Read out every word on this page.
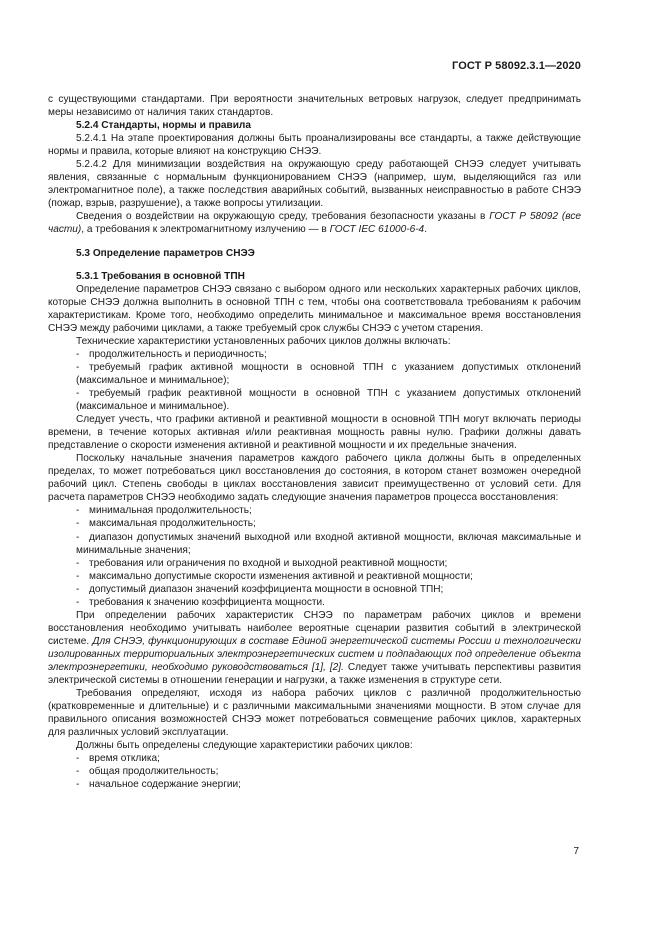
ГОСТ Р 58092.3.1—2020

с существующими стандартами. При вероятности значительных ветровых нагрузок, следует предпринимать меры независимо от наличия таких стандартов.

5.2.4 Стандарты, нормы и правила

5.2.4.1 На этапе проектирования должны быть проанализированы все стандарты, а также действующие нормы и правила, которые влияют на конструкцию СНЭЭ.

5.2.4.2 Для минимизации воздействия на окружающую среду работающей СНЭЭ следует учитывать явления, связанные с нормальным функционированием СНЭЭ (например, шум, выделяющийся газ или электромагнитное поле), а также последствия аварийных событий, вызванных неисправностью в работе СНЭЭ (пожар, взрыв, разрушение), а также вопросы утилизации.

Сведения о воздействии на окружающую среду, требования безопасности указаны в ГОСТ Р 58092 (все части), а требования к электромагнитному излучению — в ГОСТ IEC 61000-6-4.

5.3 Определение параметров СНЭЭ

5.3.1 Требования в основной ТПН

Определение параметров СНЭЭ связано с выбором одного или нескольких характерных рабочих циклов, которые СНЭЭ должна выполнить в основной ТПН с тем, чтобы она соответствовала требованиям к рабочим характеристикам. Кроме того, необходимо определить минимальное и максимальное время восстановления СНЭЭ между рабочими циклами, а также требуемый срок службы СНЭЭ с учетом старения.

Технические характеристики установленных рабочих циклов должны включать:

- продолжительность и периодичность;

- требуемый график активной мощности в основной ТПН с указанием допустимых отклонений (максимальное и минимальное);

- требуемый график реактивной мощности в основной ТПН с указанием допустимых отклонений (максимальное и минимальное).

Следует учесть, что графики активной и реактивной мощности в основной ТПН могут включать периоды времени, в течение которых активная и/или реактивная мощность равны нулю. Графики должны давать представление о скорости изменения активной и реактивной мощности и их предельные значения.

Поскольку начальные значения параметров каждого рабочего цикла должны быть в определенных пределах, то может потребоваться цикл восстановления до состояния, в котором станет возможен очередной рабочий цикл. Степень свободы в циклах восстановления зависит преимущественно от условий сети. Для расчета параметров СНЭЭ необходимо задать следующие значения параметров процесса восстановления:

- минимальная продолжительность;

- максимальная продолжительность;

- диапазон допустимых значений выходной или входной активной мощности, включая максимальные и минимальные значения;

- требования или ограничения по входной и выходной реактивной мощности;

- максимально допустимые скорости изменения активной и реактивной мощности;

- допустимый диапазон значений коэффициента мощности в основной ТПН;

- требования к значению коэффициента мощности.

При определении рабочих характеристик СНЭЭ по параметрам рабочих циклов и времени восстановления необходимо учитывать наиболее вероятные сценарии развития событий в электрической системе. Для СНЭЭ, функционирующих в составе Единой энергетической системы России и технологически изолированных территориальных электроэнергетических систем и подпадающих под определение объекта электроэнергетики, необходимо руководствоваться [1], [2]. Следует также учитывать перспективы развития электрической системы в отношении генерации и нагрузки, а также изменения в структуре сети.

Требования определяют, исходя из набора рабочих циклов с различной продолжительностью (кратковременные и длительные) и с различными максимальными значениями мощности. В этом случае для правильного описания возможностей СНЭЭ может потребоваться совмещение рабочих циклов, характерных для различных условий эксплуатации.

Должны быть определены следующие характеристики рабочих циклов:

- время отклика;

- общая продолжительность;

- начальное содержание энергии;

7
